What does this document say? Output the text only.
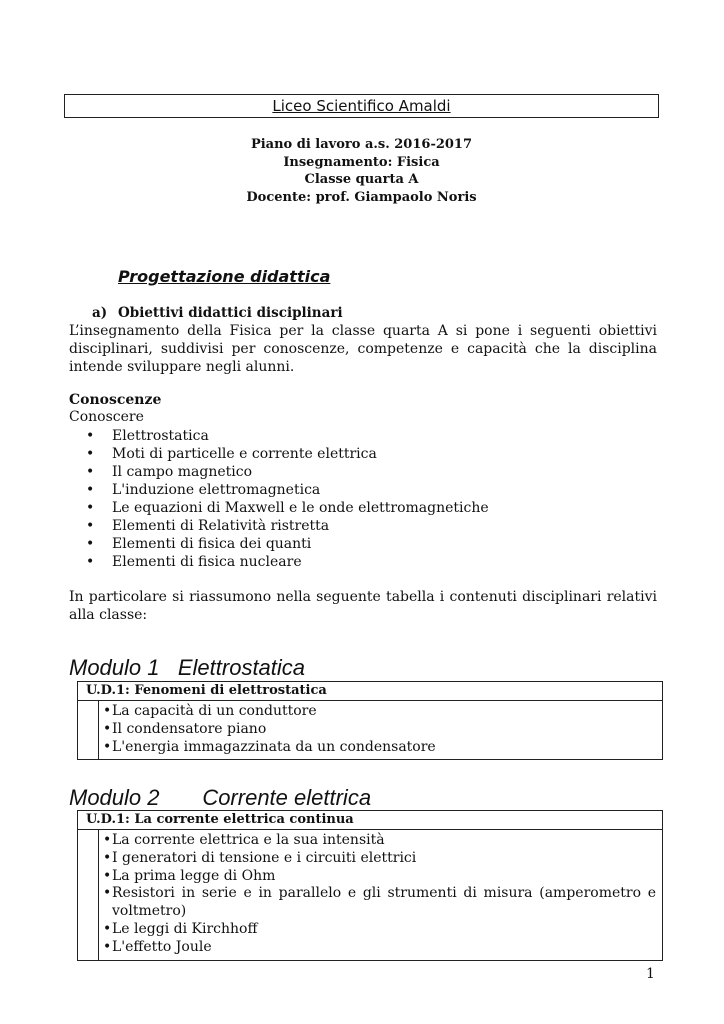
Liceo Scientifico Amaldi
Piano di lavoro a.s. 2016-2017
Insegnamento: Fisica
Classe quarta A
Docente: prof. Giampaolo Noris
Progettazione didattica
a) Obiettivi didattici disciplinari
L’insegnamento della Fisica per la classe quarta A si pone i seguenti obiettivi disciplinari, suddivisi per conoscenze, competenze e capacità che la disciplina intende sviluppare negli alunni.
Conoscenze
Conoscere
• Elettrostatica
• Moti di particelle e corrente elettrica
• Il campo magnetico
• L'induzione elettromagnetica
• Le equazioni di Maxwell e le onde elettromagnetiche
• Elementi di Relatività ristretta
• Elementi di fisica dei quanti
• Elementi di fisica nucleare
In particolare si riassumono nella seguente tabella i contenuti disciplinari relativi alla classe:
Modulo 1 Elettrostatica
U.D.1: Fenomeni di elettrostatica
• La capacità di un conduttore
• Il condensatore piano
• L'energia immagazzinata da un condensatore
Modulo 2 Corrente elettrica
U.D.1: La corrente elettrica continua
• La corrente elettrica e la sua intensità
• I generatori di tensione e i circuiti elettrici
• La prima legge di Ohm
• Resistori in serie e in parallelo e gli strumenti di misura (amperometro e voltmetro)
• Le leggi di Kirchhoff
• L'effetto Joule
1
